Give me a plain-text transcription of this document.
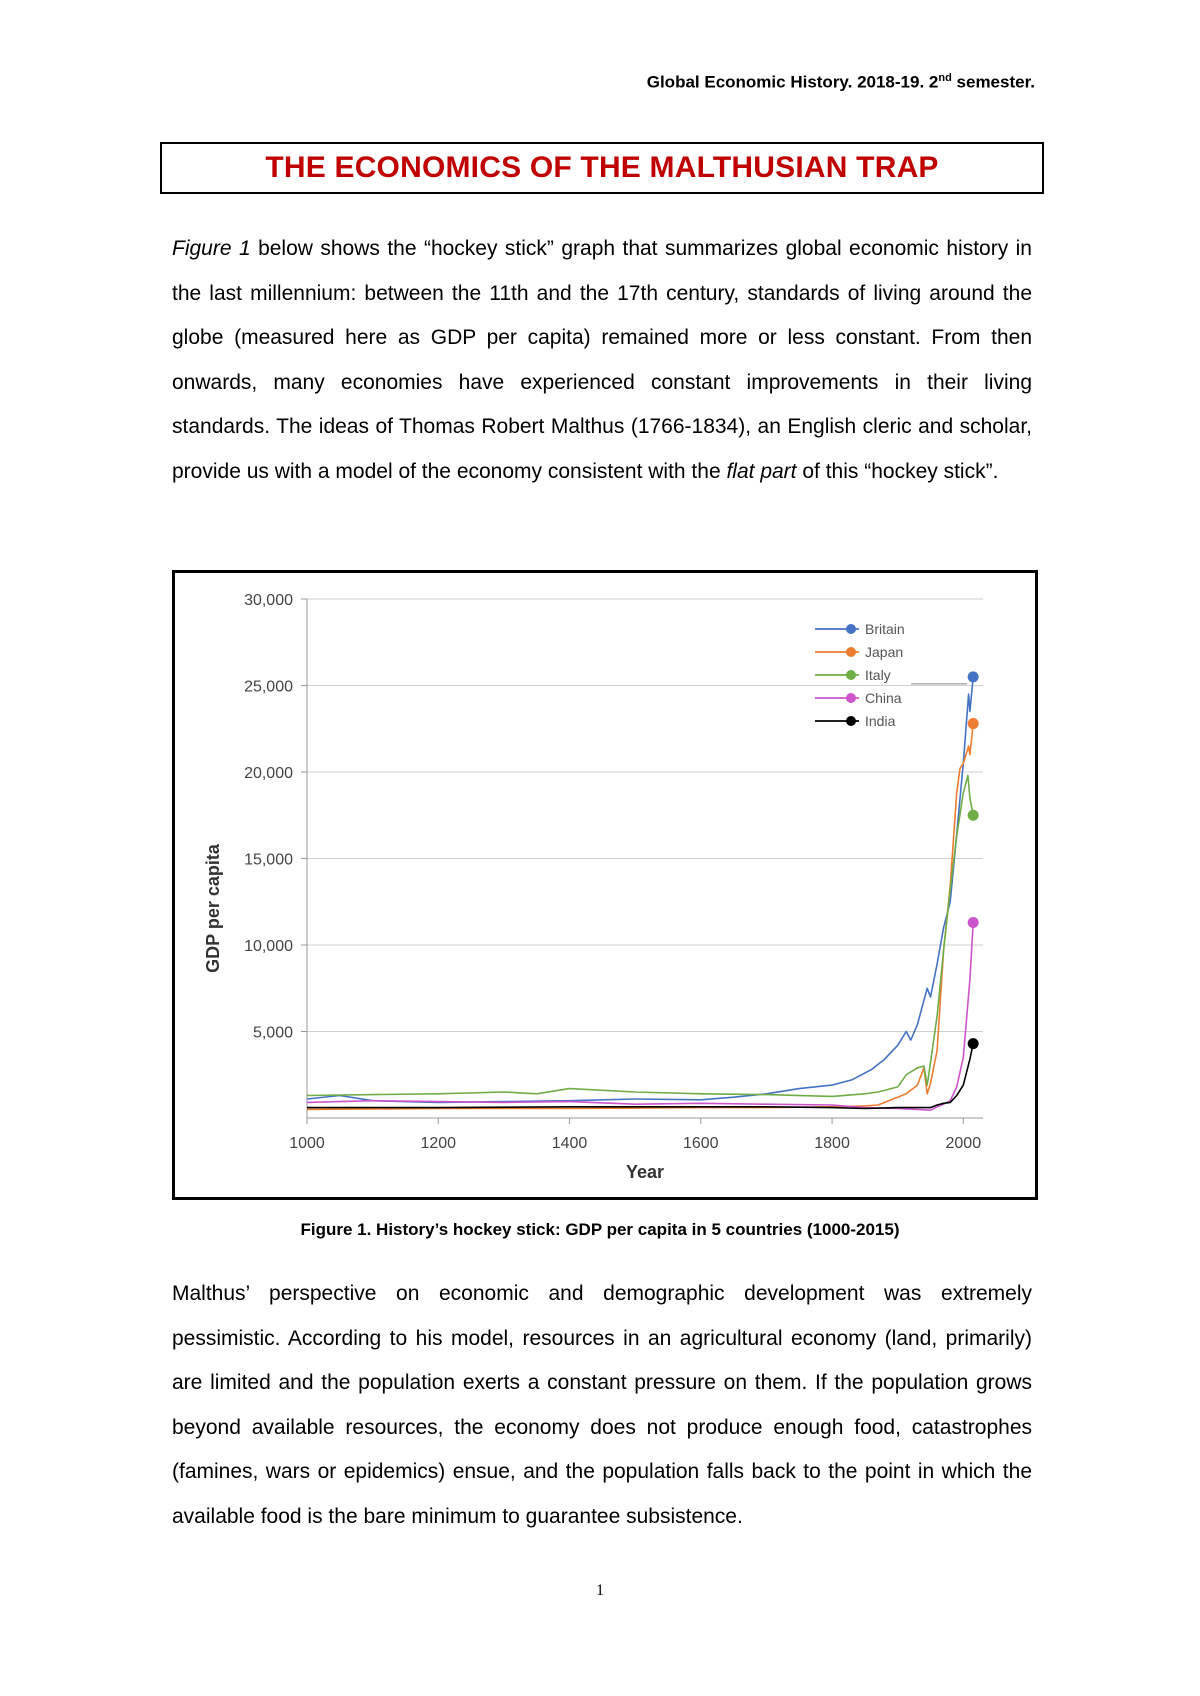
Global Economic History. 2018-19. 2nd semester.
THE ECONOMICS OF THE MALTHUSIAN TRAP

Figure 1 below shows the “hockey stick” graph that summarizes global economic history in the last millennium: between the 11th and the 17th century, standards of living around the globe (measured here as GDP per capita) remained more or less constant. From then onwards, many economies have experienced constant improvements in their living standards. The ideas of Thomas Robert Malthus (1766-1834), an English cleric and scholar, provide us with a model of the economy consistent with the flat part of this “hockey stick”.

5,000
10,000
15,000
20,000
25,000
30,000
1000	1200	1400	1600	1800	2000
Year
GDP per capita
Britain
Japan
Italy
China
India
Figure 1. History’s hockey stick: GDP per capita in 5 countries (1000-2015)

Malthus’ perspective on economic and demographic development was extremely pessimistic. According to his model, resources in an agricultural economy (land, primarily) are limited and the population exerts a constant pressure on them. If the population grows beyond available resources, the economy does not produce enough food, catastrophes (famines, wars or epidemics) ensue, and the population falls back to the point in which the available food is the bare minimum to guarantee subsistence.

1
